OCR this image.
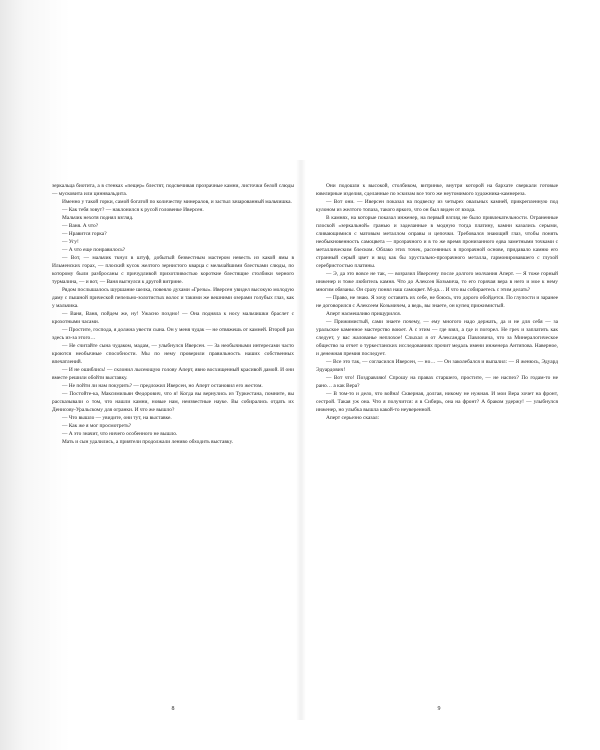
зеркальца биотита, а в стенках «пещер» блестят, подсвечивая прозрачные камни, листочки белой слюды — мусковита или циннвальдита.

Именно у такой горки, самой богатой по количеству минералов, и застыл зачарованный мальчишка.

— Как тебя зовут? — наклонился к русой головенке Иверсен.

Мальчик нехотя поднял взгляд.

— Ваня. А что?

— Нравится горка?

— Угу!

— А что еще понравилось?

— Вот, — мальчик ткнул в штуф, добытый безвестным мастером невесть из какой ямы в Ильменских горах, — плоский кусок желтого зернистого кварца с мельчайшими блестками слюды, по которому были разбросаны с причудливой прихотливостью короткие блестящие столбики черного турмалина, — и вот, — Ваня выгнулся к другой витрине.

Рядом послышалось шуршание шелка, повеяло духами «Грезы». Иверсен увидел высокую молодую даму с пышной прической пепельно-золотистых волос и такими же вешними озерами голубых глаз, как у мальчика.

— Ваня, Ваня, пойдем же, ну! Ужасно поздно! — Она подняла к носу мальчишки браслет с крохотными часами.

— Простите, господа, я должна увести сына. Он у меня чудак — не отвяжешь от камней. Второй раз здесь из-за этого…

— Не считайте сына чудаком, мадам, — улыбнулся Иверсен. — За необычными интересами часто кроются необычные способности. Мы по нему проверили правильность наших собственных впечатлений.

— И не ошиблись! — склонил лысеющую голову Аперт, явно восхищенный красивой дамой. И они вместе решили обойти выставку.

— Не пойти ли нам покурить? — предложил Иверсен, но Аперт остановил его жестом.

— Постойте-ка, Максимильян Федорович, что я! Когда вы вернулись из Туркестана, помните, вы рассказывали о том, что нашли камни, новые нам, неизвестные науке. Вы собирались отдать их Денисову-Уральскому для огранки. И что же вышло?

— Что вышло — увидите, они тут, на выставке.

— Как же я мог просмотреть?

— А это значит, что ничего особенного не вышло.

Мать и сын удалились, а приятели продолжали лениво обходить выставку.

Они подошли к высокой, столбиком, витринке, внутри которой на бархате сверкали готовые ювелирные изделия, сделанные по эскизам все того же неутомимого художника-камнереза.

— Вот они. — Иверсен показал на подвеску из четырех овальных камней, прикрепленную под кулоном из желтого топаза, такого яркого, что он был виден от входа.

В камнях, на которые показал инженер, на первый взгляд не было привлекательности. Ограненные плоской «зеркальной» гранью и заделанные в модную тогда платину, камни казались серыми, сливающимися с матовым металлом оправы и цепочки. Требовался знающий глаз, чтобы понять необыкновенность самоцвета — прозрачного и в то же время пронизанного едва заметными точками с металлическим блеском. Облако этих точек, рассеянных в прозрачной основе, придавало камню его странный серый цвет и вид как бы хрустально-прозрачного металла, гармонировавшего с глухой серебристостью платины.

— Э, да это вовсе не так, — возразил Иверсену после долгого молчания Аперт. — Я тоже горный инженер и тоже любитель камня. Что до Алексея Козьмича, то его горячая вера в него и мое к нему многим обязаны. Он сразу понял наш самоцвет. М-да… И что вы собираетесь с этим делать?

— Право, не знаю. Я хочу оставить их себе, не боюсь, что дорого обойдется. По глупости и заранее не договорился с Алексеем Козьмичем, а ведь, вы знаете, он купец прижимистый.

Аперт насмешливо прищурился.

— Прижимистый, сами знаете почему, — ему многого надо держать, да и не для себя — за уральское каменное мастерство воюет. А с этим — где взял, а где и погорел. Не грех и заплатить как следует, у вас жалованье неплохое! Слыхал я от Александра Павловича, что за Минералогическое общество за отчет о туркестанских исследованиях прочит медаль имени инженера Антипова. Наверное, и денежная премия последует.

— Все это так, — согласился Иверсен, — но… — Он заколебался и выпалил: — Я женюсь, Эдуард Эдуардович!

— Вот что! Поздравляю! Спрошу на правах старшего, простите, — не наспех? По годам-то не рано… а как Вера?

— В том-то и дело, что война! Скверная, долгая, никому не нужная. И мои Вера хочет на фронт, сестрой. Такая уж она. Что я получится: я в Сибирь, она на фронт? А браком удержу! — улыбнулся инженер, но улыбка вышла какой-то неуверенной.

Аперт серьезно сказал:

8	9
